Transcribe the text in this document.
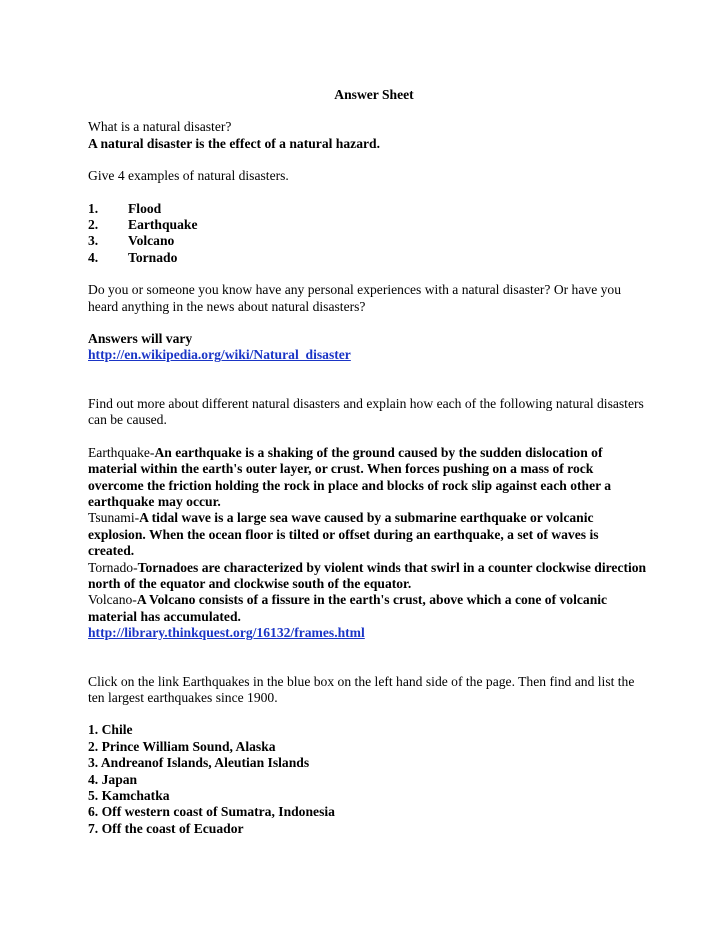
Answer Sheet

What is a natural disaster?

A natural disaster is the effect of a natural hazard.

Give 4 examples of natural disasters.

1.	Flood
2.	Earthquake
3.	Volcano
4.	Tornado

Do you or someone you know have any personal experiences with a natural disaster? Or have you heard anything in the news about natural disasters?

Answers will vary

http://en.wikipedia.org/wiki/Natural_disaster

Find out more about different natural disasters and explain how each of the following natural disasters can be caused.

Earthquake-An earthquake is a shaking of the ground caused by the sudden dislocation of material within the earth's outer layer, or crust. When forces pushing on a mass of rock overcome the friction holding the rock in place and blocks of rock slip against each other a earthquake may occur.

Tsunami-A tidal wave is a large sea wave caused by a submarine earthquake or volcanic explosion. When the ocean floor is tilted or offset during an earthquake, a set of waves is created.

Tornado-Tornadoes are characterized by violent winds that swirl in a counter clockwise direction north of the equator and clockwise south of the equator.

Volcano-A Volcano consists of a fissure in the earth's crust, above which a cone of volcanic material has accumulated.

http://library.thinkquest.org/16132/frames.html

Click on the link Earthquakes in the blue box on the left hand side of the page. Then find and list the ten largest earthquakes since 1900.

1. Chile

2. Prince William Sound, Alaska

3. Andreanof Islands, Aleutian Islands

4. Japan

5. Kamchatka

6. Off western coast of Sumatra, Indonesia

7. Off the coast of Ecuador
